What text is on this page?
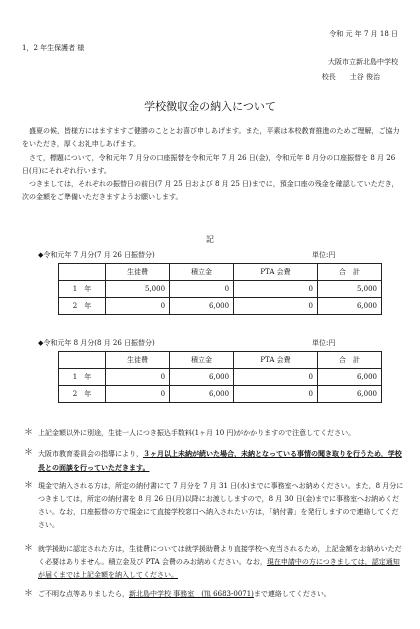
令和 元 年 7 月 18 日
1，2 年生保護者 様
大阪市立新北島中学校
校長　　土谷 俊治
学校徴収金の納入について
盛夏の候，皆様方にはますますご健勝のこととお喜び申しあげます。また，平素は本校教育推進のためご理解，ご協力をいただき，厚くお礼申しあげます。
さて，標題について，令和元年 7 月分の口座振替を令和元年 7 月 26 日(金)，令和元年 8 月分の口座振替を 8 月 26 日(月)にそれぞれ行います。
つきましては，それぞれの振替日の前日(7 月 25 日および 8 月 25 日)までに，預金口座の残金を確認していただき，次の金額をご準備いただきますようお願いします。
記
◆令和元年 7 月分(7 月 26 日振替分)	単位:円
	生徒費	積立金	PTA 会費	合　計
1　年	5,000	0	0	5,000
2　年	0	6,000	0	6,000
◆令和元年 8 月分(8 月 26 日振替分)	単位:円
	生徒費	積立金	PTA 会費	合　計
1　年	0	6,000	0	6,000
2　年	0	6,000	0	6,000
＊ 上記金額以外に別途，生徒一人につき振込手数料(1ヶ月 10 円)がかかりますので注意してください。
＊ 大阪市教育委員会の指導により，３ヶ月以上未納が続いた場合，未納となっている事情の聞き取りを行うため，学校長との面談を行っていただきます。
＊ 現金で納入される方は，所定の納付書にて 7 月分を 7 月 31 日(水)までに事務室へお納めください。また，8 月分につきましては，所定の納付書を 8 月 26 日(月)以降にお渡ししますので，8 月 30 日(金)までに事務室へお納めください。なお，口座振替の方で現金にて直接学校窓口へ納入されたい方は，「納付書」を発行しますので連絡してください。
＊ 就学援助に認定された方は，生徒費については就学援助費より直接学校へ充当されるため，上記金額をお納めいただく必要はありません。積立金及び PTA 会費のみお納めください。なお，現在申請中の方につきましては，認定通知が届くまでは上記金額を納入してください。
＊ ご不明な点等ありましたら，新北島中学校 事務室　(℡ 6683-0071)まで連絡してください。
